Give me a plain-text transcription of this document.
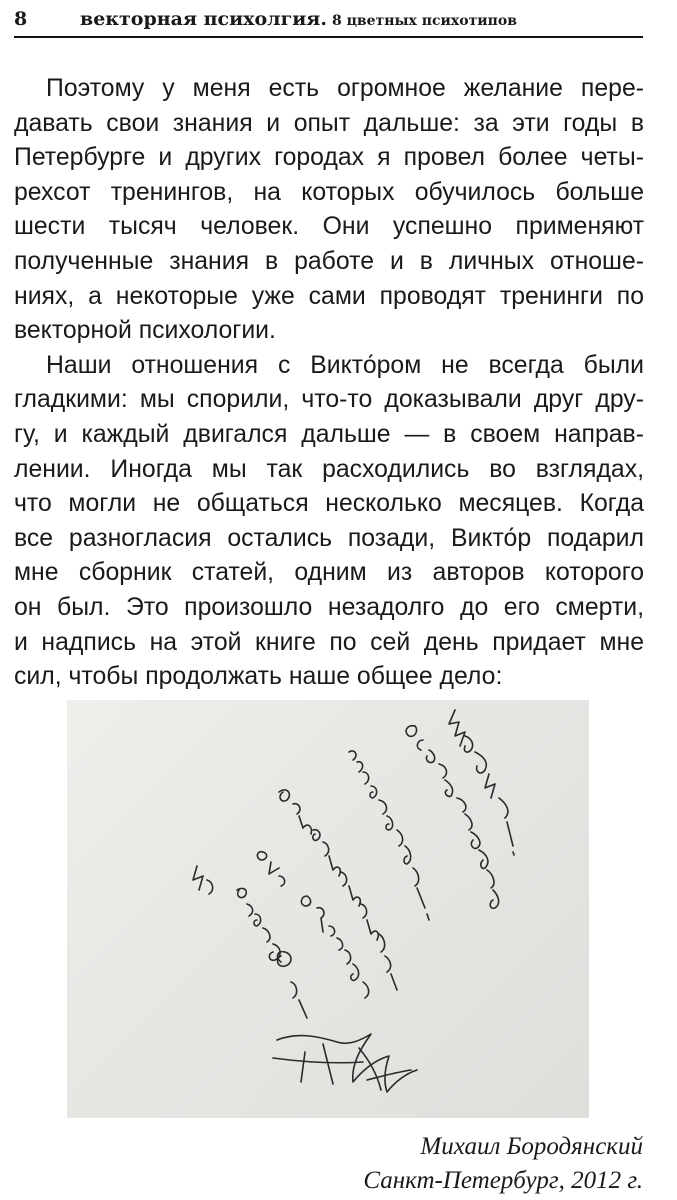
8	векторная психолгия. 8 цветных психотипов
Поэтому у меня есть огромное желание пере-
давать свои знания и опыт дальше: за эти годы в
Петербурге и других городах я провел более четы-
рехсот тренингов, на которых обучилось больше
шести тысяч человек. Они успешно применяют
полученные знания в работе и в личных отноше-
ниях, а некоторые уже сами проводят тренинги по
векторной психологии.
Наши отношения с Викто́ром не всегда были
гладкими: мы спорили, что-то доказывали друг дру-
гу, и каждый двигался дальше — в своем направ-
лении. Иногда мы так расходились во взглядах,
что могли не общаться несколько месяцев. Когда
все разногласия остались позади, Викто́р подарил
мне сборник статей, одним из авторов которого
он был. Это произошло незадолго до его смерти,
и надпись на этой книге по сей день придает мне
сил, чтобы продолжать наше общее дело:
Михаил Бородянский
Санкт-Петербург, 2012 г.
